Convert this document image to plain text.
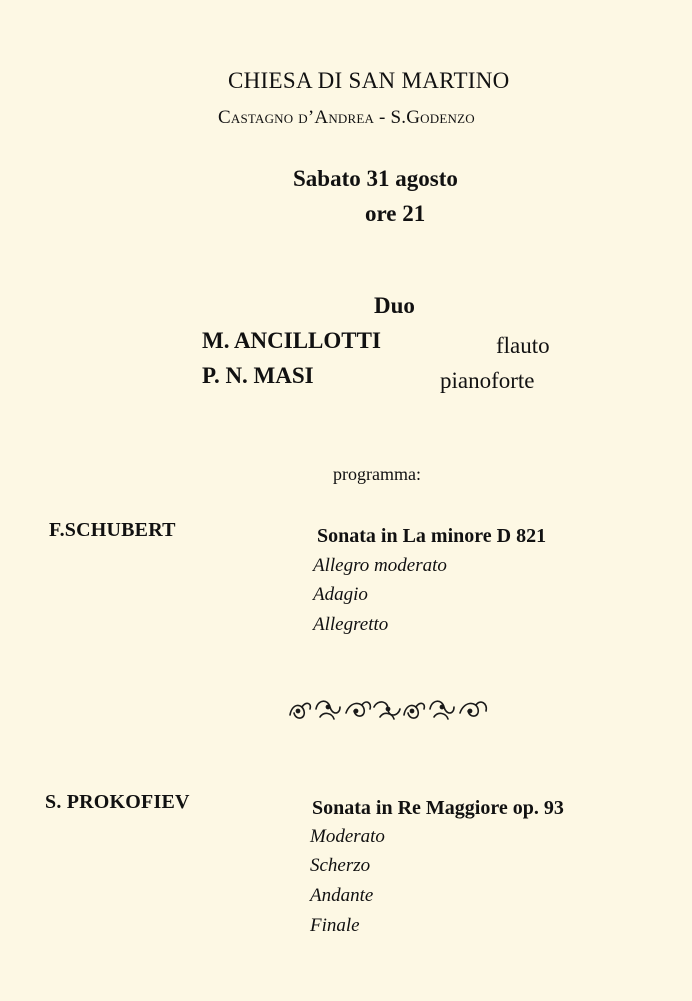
CHIESA DI SAN MARTINO
Castagno d’Andrea - S.Godenzo
Sabato 31 agosto
ore 21
Duo
M. ANCILLOTTI	flauto
P. N. MASI	pianoforte
programma:
F.SCHUBERT	Sonata in La minore D 821
Allegro moderato
Adagio
Allegretto
S. PROKOFIEV	Sonata in Re Maggiore op. 93
Moderato
Scherzo
Andante
Finale
